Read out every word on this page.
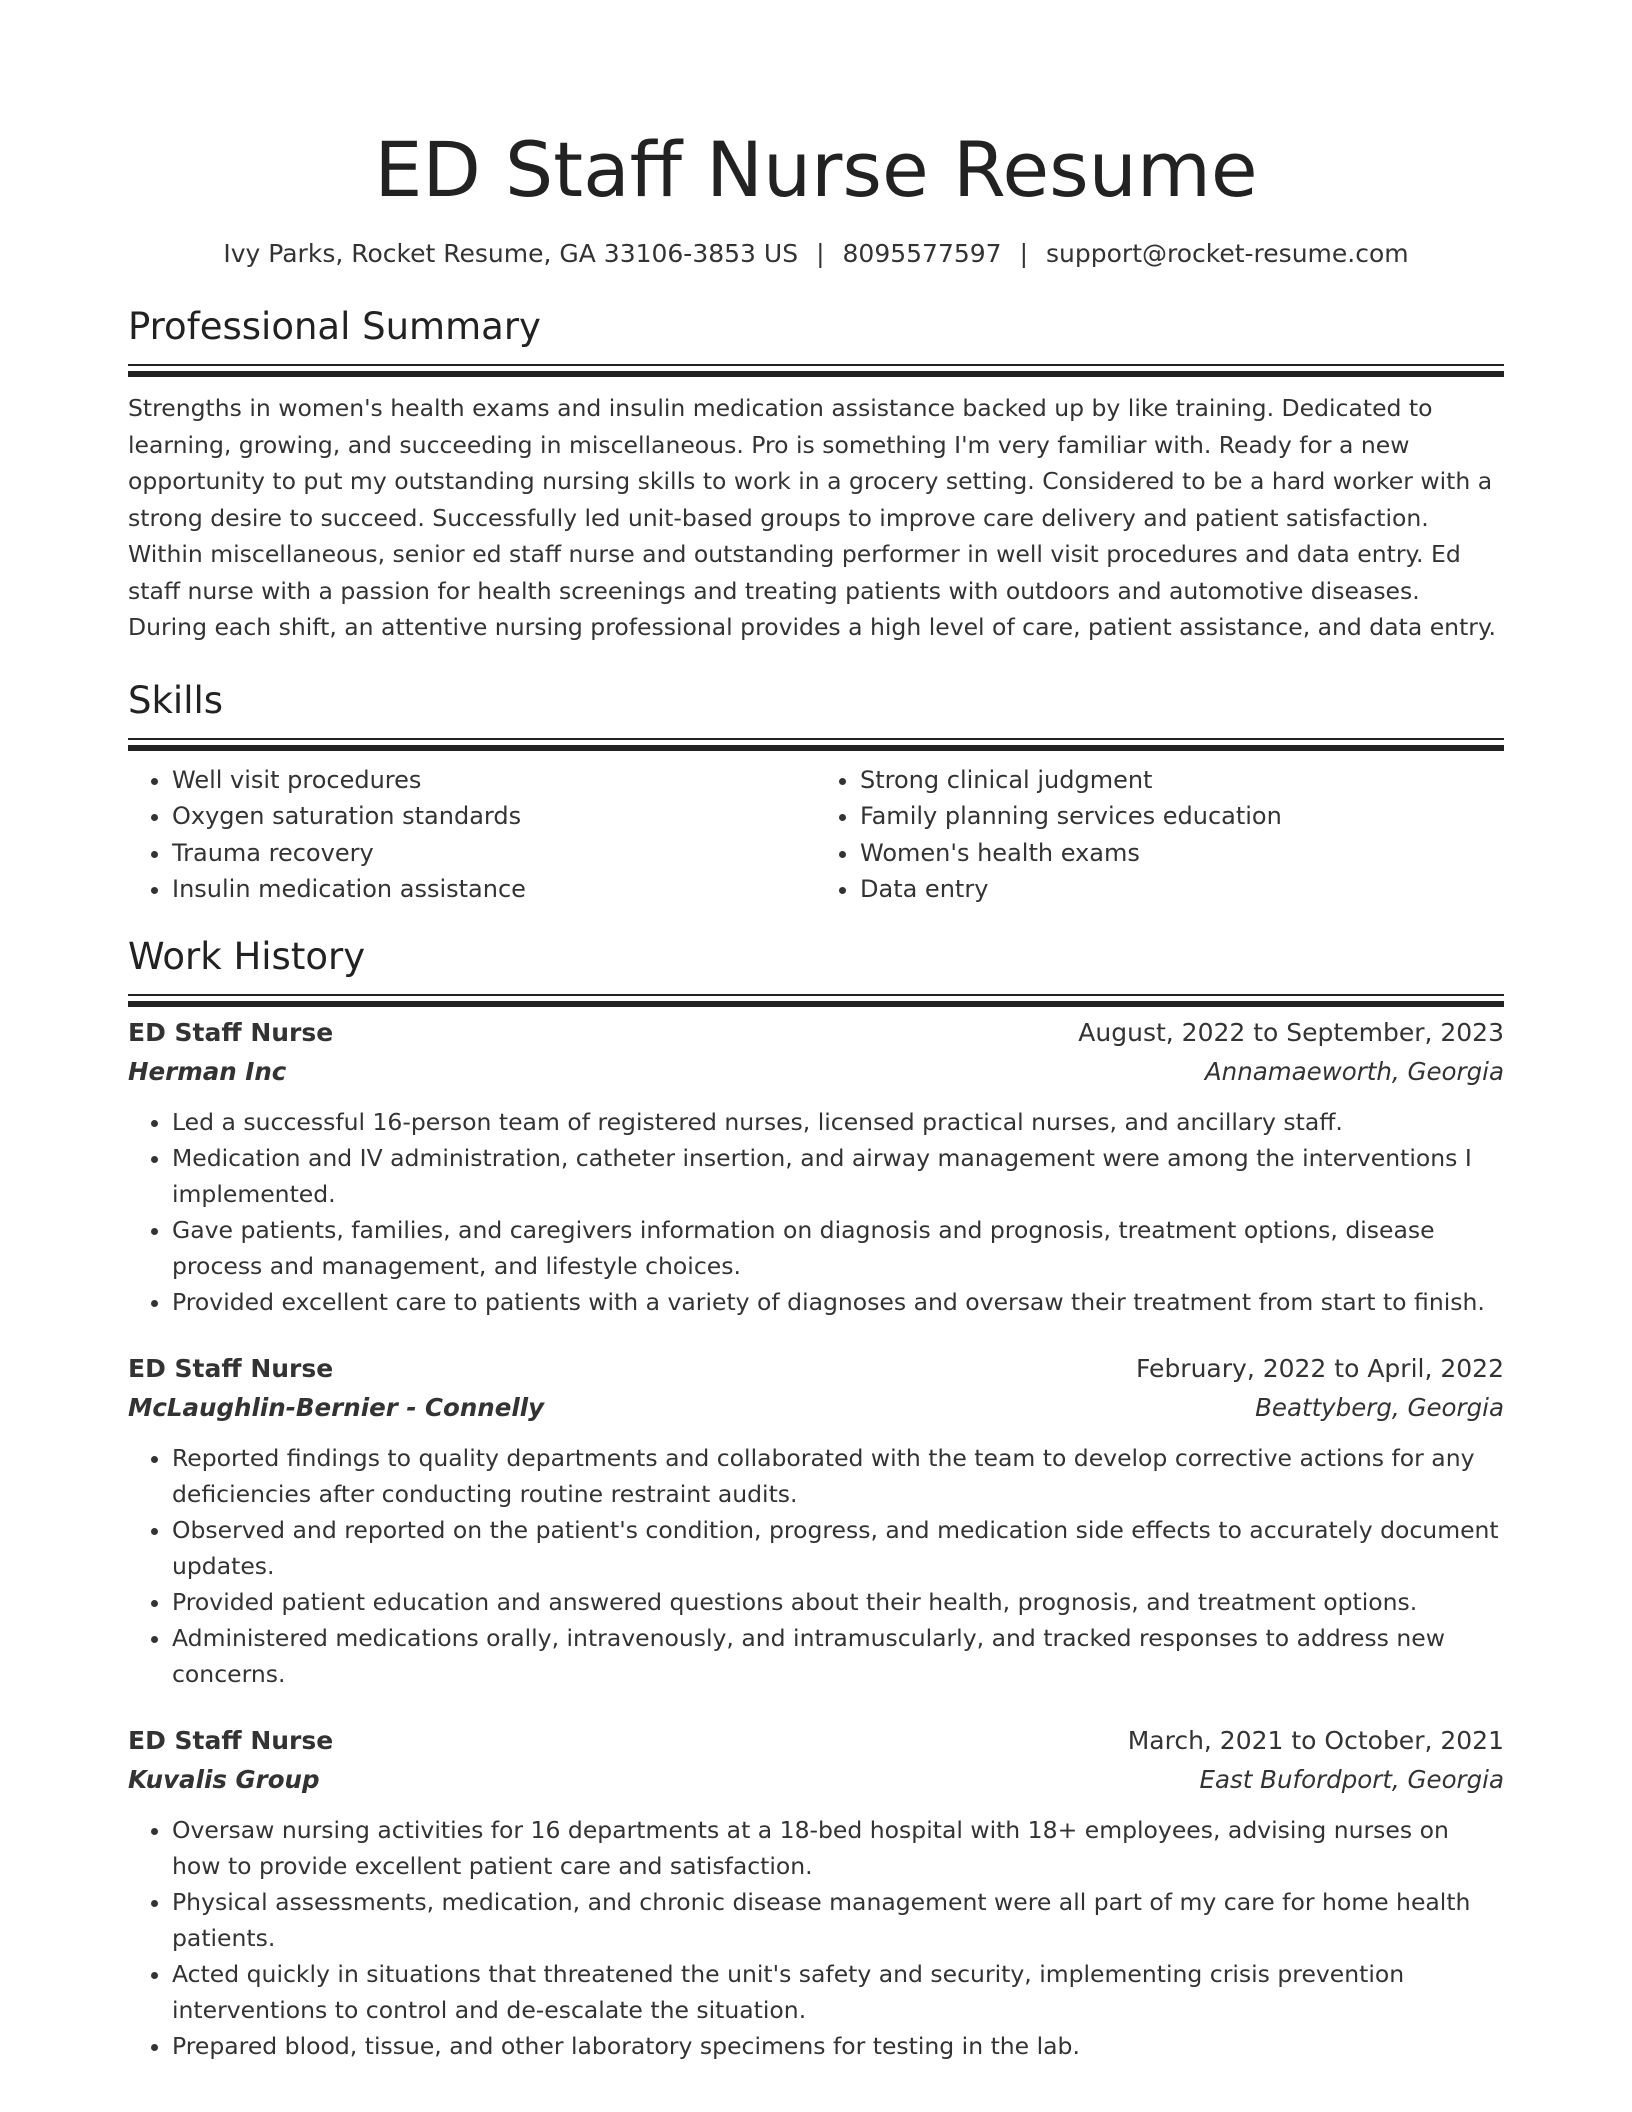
ED Staff Nurse Resume
Ivy Parks, Rocket Resume, GA 33106-3853 US | 8095577597 | support@rocket-resume.com
Professional Summary

Strengths in women's health exams and insulin medication assistance backed up by like training. Dedicated to learning, growing, and succeeding in miscellaneous. Pro is something I'm very familiar with. Ready for a new opportunity to put my outstanding nursing skills to work in a grocery setting. Considered to be a hard worker with a strong desire to succeed. Successfully led unit-based groups to improve care delivery and patient satisfaction. Within miscellaneous, senior ed staff nurse and outstanding performer in well visit procedures and data entry. Ed staff nurse with a passion for health screenings and treating patients with outdoors and automotive diseases. During each shift, an attentive nursing professional provides a high level of care, patient assistance, and data entry.

Skills
• Well visit procedures
• Oxygen saturation standards
• Trauma recovery
• Insulin medication assistance
• Strong clinical judgment
• Family planning services education
• Women's health exams
• Data entry
Work History
ED Staff Nurse	August, 2022 to September, 2023
Herman Inc	Annamaeworth, Georgia
• Led a successful 16-person team of registered nurses, licensed practical nurses, and ancillary staff.
• Medication and IV administration, catheter insertion, and airway management were among the interventions I implemented.
• Gave patients, families, and caregivers information on diagnosis and prognosis, treatment options, disease process and management, and lifestyle choices.
• Provided excellent care to patients with a variety of diagnoses and oversaw their treatment from start to finish.
ED Staff Nurse	February, 2022 to April, 2022
McLaughlin-Bernier - Connelly	Beattyberg, Georgia
• Reported findings to quality departments and collaborated with the team to develop corrective actions for any deficiencies after conducting routine restraint audits.
• Observed and reported on the patient's condition, progress, and medication side effects to accurately document updates.
• Provided patient education and answered questions about their health, prognosis, and treatment options.
• Administered medications orally, intravenously, and intramuscularly, and tracked responses to address new concerns.
ED Staff Nurse	March, 2021 to October, 2021
Kuvalis Group	East Bufordport, Georgia
• Oversaw nursing activities for 16 departments at a 18-bed hospital with 18+ employees, advising nurses on how to provide excellent patient care and satisfaction.
• Physical assessments, medication, and chronic disease management were all part of my care for home health patients.
• Acted quickly in situations that threatened the unit's safety and security, implementing crisis prevention interventions to control and de-escalate the situation.
• Prepared blood, tissue, and other laboratory specimens for testing in the lab.
